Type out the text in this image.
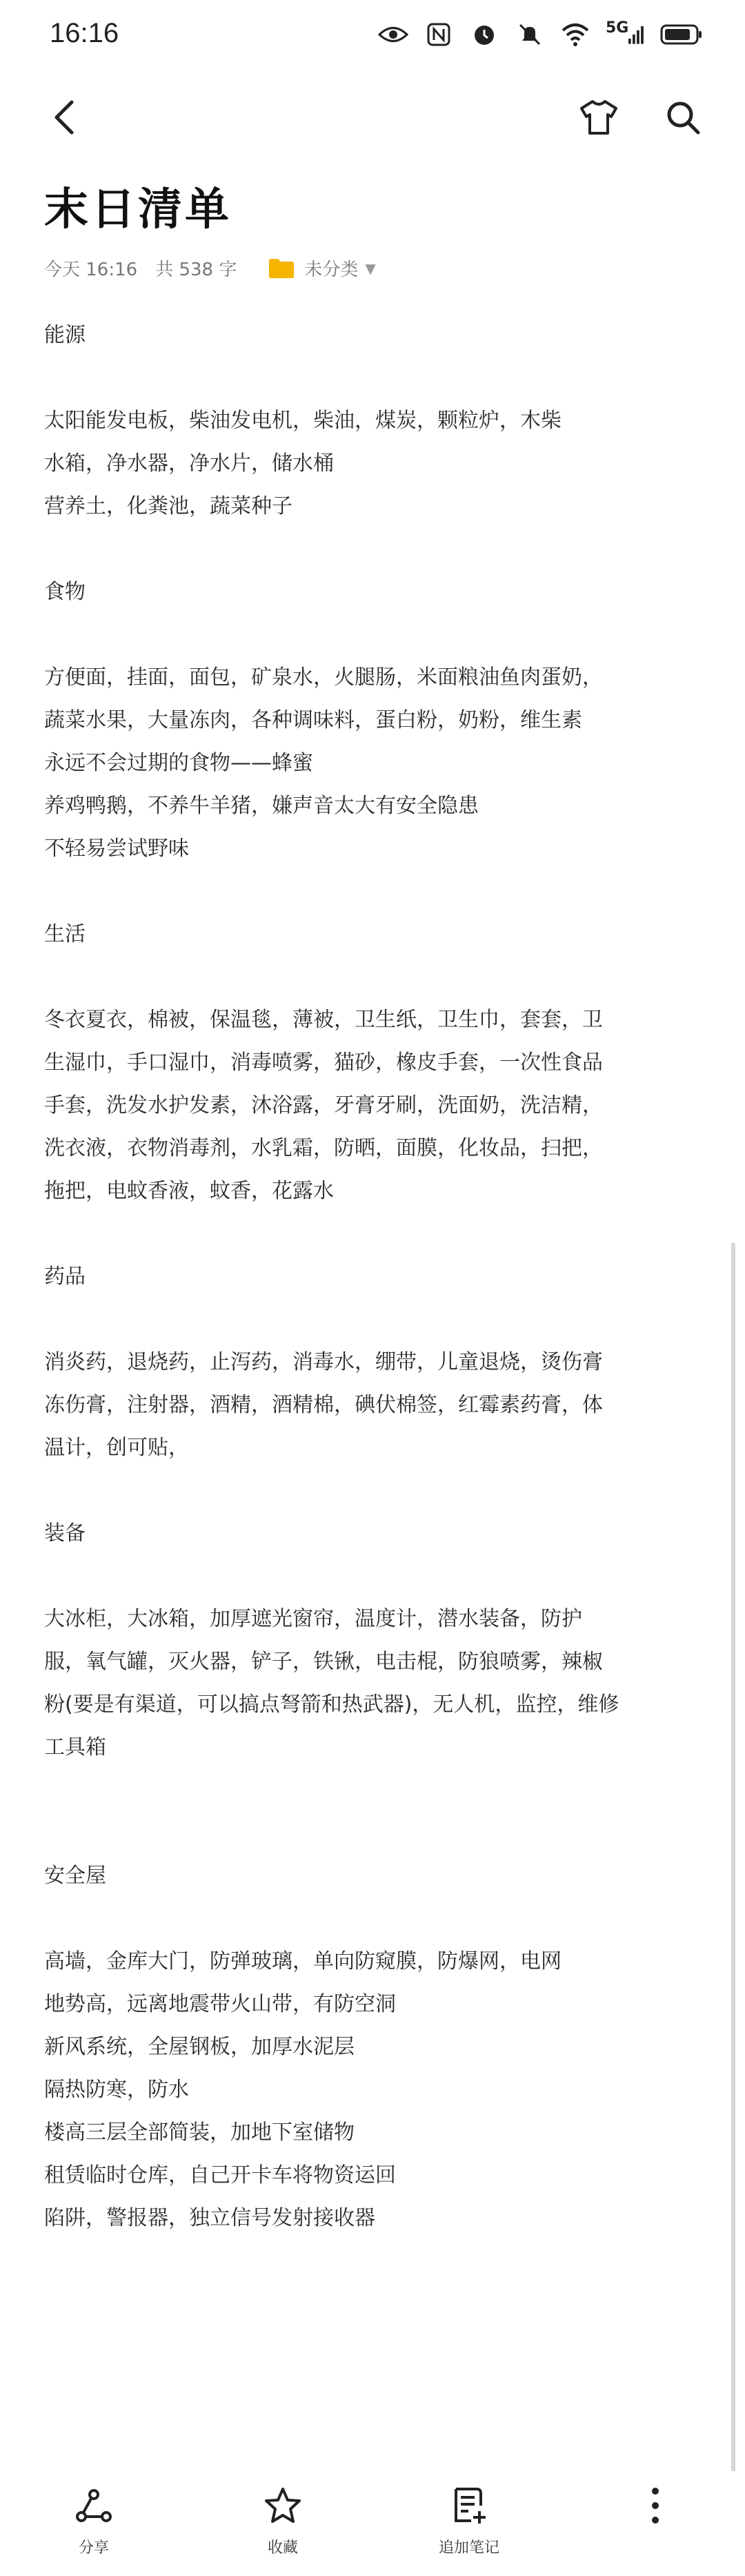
16:16	5G
末日清单
今天 16:16 共 538 字	未分类 ▼
能源
太阳能发电板，柴油发电机，柴油，煤炭，颗粒炉，木柴
水箱，净水器，净水片，储水桶
营养土，化粪池，蔬菜种子
食物
方便面，挂面，面包，矿泉水，火腿肠，米面粮油鱼肉蛋奶，
蔬菜水果，大量冻肉，各种调味料，蛋白粉，奶粉，维生素
永远不会过期的食物——蜂蜜
养鸡鸭鹅，不养牛羊猪，嫌声音太大有安全隐患
不轻易尝试野味
生活
冬衣夏衣，棉被，保温毯，薄被，卫生纸，卫生巾，套套，卫
生湿巾，手口湿巾，消毒喷雾，猫砂，橡皮手套，一次性食品
手套，洗发水护发素，沐浴露，牙膏牙刷，洗面奶，洗洁精，
洗衣液，衣物消毒剂，水乳霜，防晒，面膜，化妆品，扫把，
拖把，电蚊香液，蚊香，花露水
药品
消炎药，退烧药，止泻药，消毒水，绷带，儿童退烧，烫伤膏
冻伤膏，注射器，酒精，酒精棉，碘伏棉签，红霉素药膏，体
温计，创可贴，
装备
大冰柜，大冰箱，加厚遮光窗帘，温度计，潜水装备，防护
服，氧气罐，灭火器，铲子，铁锹，电击棍，防狼喷雾，辣椒
粉(要是有渠道，可以搞点弩箭和热武器)，无人机，监控，维修
工具箱
安全屋
高墙，金库大门，防弹玻璃，单向防窥膜，防爆网，电网
地势高，远离地震带火山带，有防空洞
新风系统，全屋钢板，加厚水泥层
隔热防寒，防水
楼高三层全部简装，加地下室储物
租赁临时仓库，自己开卡车将物资运回
陷阱，警报器，独立信号发射接收器
分享	收藏	追加笔记
